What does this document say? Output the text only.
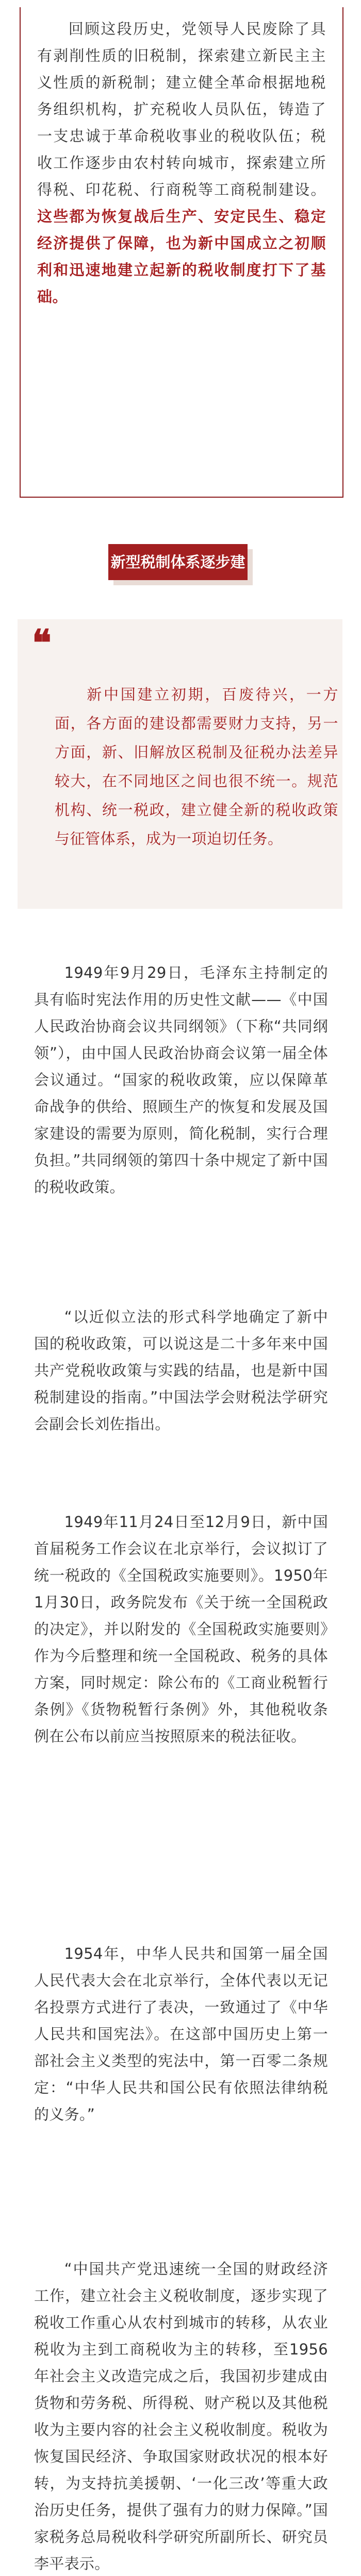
  回顾这段历史，党领导人民废除了具有剥削性质的旧税制，探索建立新民主主义性质的新税制；建立健全革命根据地税务组织机构，扩充税收人员队伍，铸造了一支忠诚于革命税收事业的税收队伍；税收工作逐步由农村转向城市，探索建立所得税、印花税、行商税等工商税制建设。这些都为恢复战后生产、安定民生、稳定经济提供了保障，也为新中国成立之初顺利和迅速地建立起新的税收制度打下了基础。

新型税制体系逐步建立
❝

  新中国建立初期，百废待兴，一方面，各方面的建设都需要财力支持，另一方面，新、旧解放区税制及征税办法差异较大，在不同地区之间也很不统一。规范机构、统一税政，建立健全新的税收政策与征管体系，成为一项迫切任务。

  1949年9月29日，毛泽东主持制定的具有临时宪法作用的历史性文献——《中国人民政治协商会议共同纲领》（下称“共同纲领”），由中国人民政治协商会议第一届全体会议通过。“国家的税收政策，应以保障革命战争的供给、照顾生产的恢复和发展及国家建设的需要为原则，简化税制，实行合理负担。”共同纲领的第四十条中规定了新中国的税收政策。

  “以近似立法的形式科学地确定了新中国的税收政策，可以说这是二十多年来中国共产党税收政策与实践的结晶，也是新中国税制建设的指南。”中国法学会财税法学研究会副会长刘佐指出。

  1949年11月24日至12月9日，新中国首届税务工作会议在北京举行，会议拟订了统一税政的《全国税政实施要则》。1950年1月30日，政务院发布《关于统一全国税政的决定》，并以附发的《全国税政实施要则》作为今后整理和统一全国税政、税务的具体方案，同时规定：除公布的《工商业税暂行条例》《货物税暂行条例》外，其他税收条例在公布以前应当按照原来的税法征收。

  1954年，中华人民共和国第一届全国人民代表大会在北京举行，全体代表以无记名投票方式进行了表决，一致通过了《中华人民共和国宪法》。在这部中国历史上第一部社会主义类型的宪法中，第一百零二条规定：“中华人民共和国公民有依照法律纳税的义务。”

  “中国共产党迅速统一全国的财政经济工作，建立社会主义税收制度，逐步实现了税收工作重心从农村到城市的转移，从农业税收为主到工商税收为主的转移，至1956年社会主义改造完成之后，我国初步建成由货物和劳务税、所得税、财产税以及其他税收为主要内容的社会主义税收制度。税收为恢复国民经济、争取国家财政状况的根本好转，为支持抗美援朝、‘一化三改’等重大政治历史任务，提供了强有力的财力保障。”国家税务总局税收科学研究所副所长、研究员李平表示。
